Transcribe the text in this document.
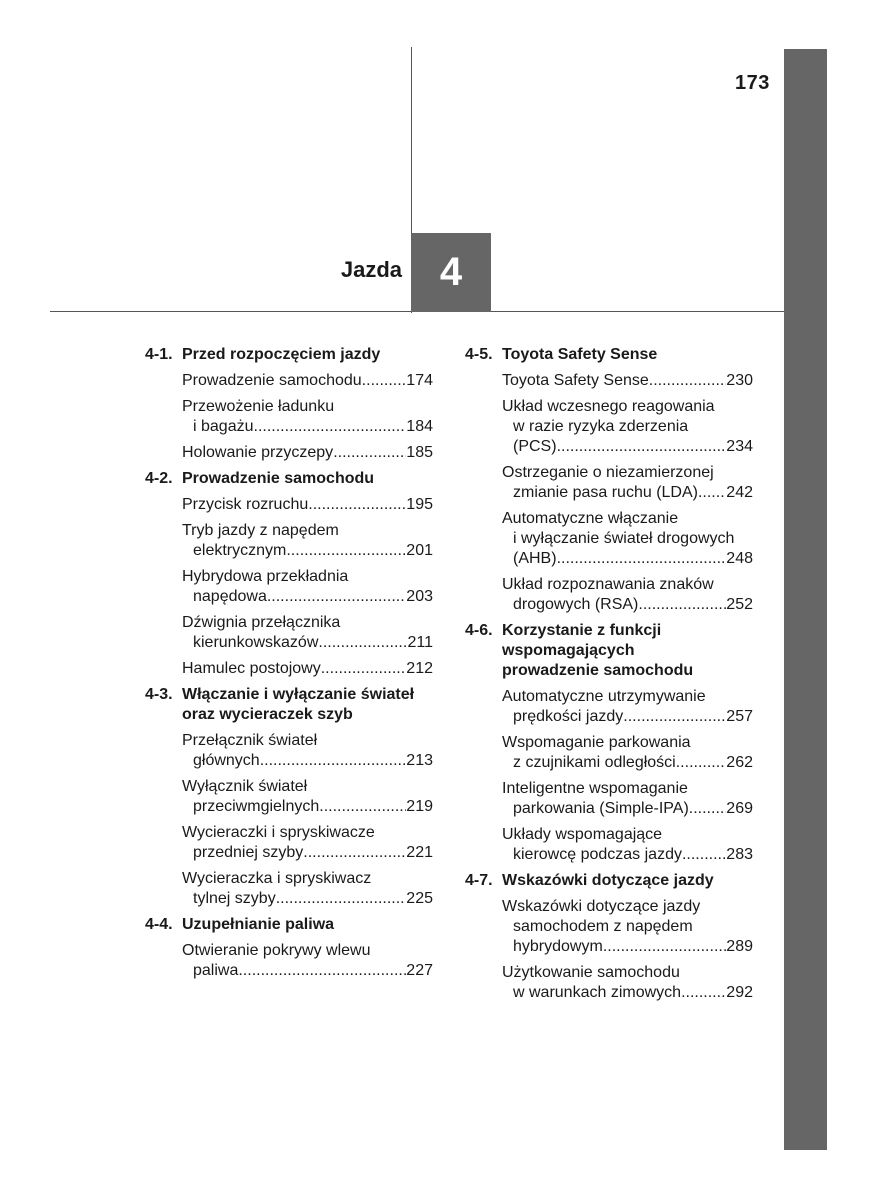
173
Jazda 4
4-1. Przed rozpoczęciem jazdy
Prowadzenie samochodu .....	174
Przewożenie ładunku
i bagażu .....	184
Holowanie przyczepy .....	185
4-2. Prowadzenie samochodu
Przycisk rozruchu .....	195
Tryb jazdy z napędem
elektrycznym .....	201
Hybrydowa przekładnia
napędowa .....	203
Dźwignia przełącznika
kierunkowskazów .....	211
Hamulec postojowy .....	212
4-3. Włączanie i wyłączanie świateł
oraz wycieraczek szyb
Przełącznik świateł
głównych .....	213
Wyłącznik świateł
przeciwmgielnych .....	219
Wycieraczki i spryskiwacze
przedniej szyby .....	221
Wycieraczka i spryskiwacz
tylnej szyby .....	225
4-4. Uzupełnianie paliwa
Otwieranie pokrywy wlewu
paliwa .....	227
4-5. Toyota Safety Sense
Toyota Safety Sense .....	230
Układ wczesnego reagowania
w razie ryzyka zderzenia
(PCS) .....	234
Ostrzeganie o niezamierzonej
zmianie pasa ruchu (LDA) ..... 242
Automatyczne włączanie
i wyłączanie świateł drogowych
(AHB) .....	248
Układ rozpoznawania znaków
drogowych (RSA) .....	252
4-6. Korzystanie z funkcji
wspomagających
prowadzenie samochodu
Automatyczne utrzymywanie
prędkości jazdy .....	257
Wspomaganie parkowania
z czujnikami odległości .....	262
Inteligentne wspomaganie
parkowania (Simple-IPA) ..... 269
Układy wspomagające
kierowcę podczas jazdy .....	283
4-7. Wskazówki dotyczące jazdy
Wskazówki dotyczące jazdy
samochodem z napędem
hybrydowym .....	289
Użytkowanie samochodu
w warunkach zimowych .....	292
